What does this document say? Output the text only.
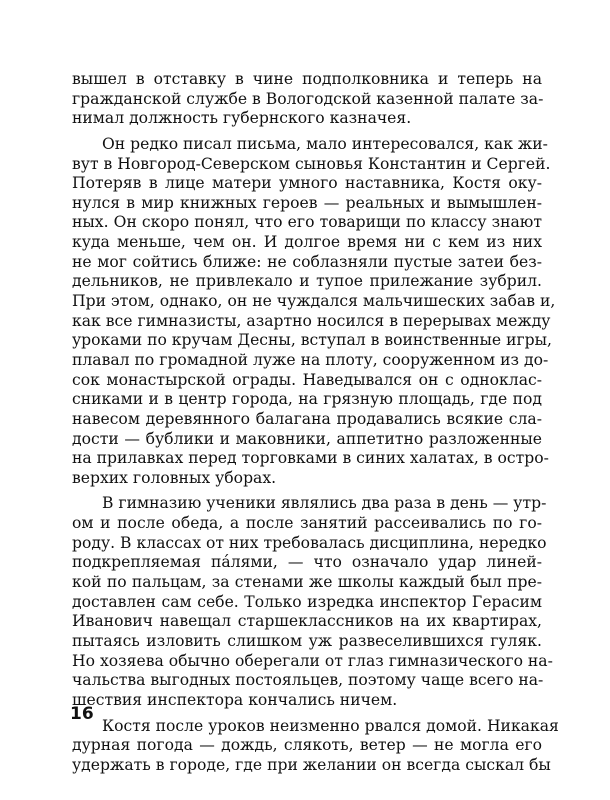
вышел в отставку в чине подполковника и теперь на
гражданской службе в Вологодской казенной палате за-
нимал должность губернского казначея.
Он редко писал письма, мало интересовался, как жи-
вут в Новгород-Северском сыновья Константин и Сергей.
Потеряв в лице матери умного наставника, Костя оку-
нулся в мир книжных героев — реальных и вымышлен-
ных. Он скоро понял, что его товарищи по классу знают
куда меньше, чем он. И долгое время ни с кем из них
не мог сойтись ближе: не соблазняли пустые затеи без-
дельников, не привлекало и тупое прилежание зубрил.
При этом, однако, он не чуждался мальчишеских забав и,
как все гимназисты, азартно носился в перерывах между
уроками по кручам Десны, вступал в воинственные игры,
плавал по громадной луже на плоту, сооруженном из до-
сок монастырской ограды. Наведывался он с одноклас-
сниками и в центр города, на грязную площадь, где под
навесом деревянного балагана продавались всякие сла-
дости — бублики и маковники, аппетитно разложенные
на прилавках перед торговками в синих халатах, в остро-
верхих головных уборах.
В гимназию ученики являлись два раза в день — утр-
ом и после обеда, а после занятий рассеивались по го-
роду. В классах от них требовалась дисциплина, нередко
подкрепляемая па́лями, — что означало удар линей-
кой по пальцам, за стенами же школы каждый был пре-
доставлен сам себе. Только изредка инспектор Герасим
Иванович навещал старшеклассников на их квартирах,
пытаясь изловить слишком уж развеселившихся гуляк.
Но хозяева обычно оберегали от глаз гимназического на-
чальства выгодных постояльцев, поэтому чаще всего на-
шествия инспектора кончались ничем.
Костя после уроков неизменно рвался домой. Никакая
дурная погода — дождь, слякоть, ветер — не могла его
удержать в городе, где при желании он всегда сыскал бы
16
